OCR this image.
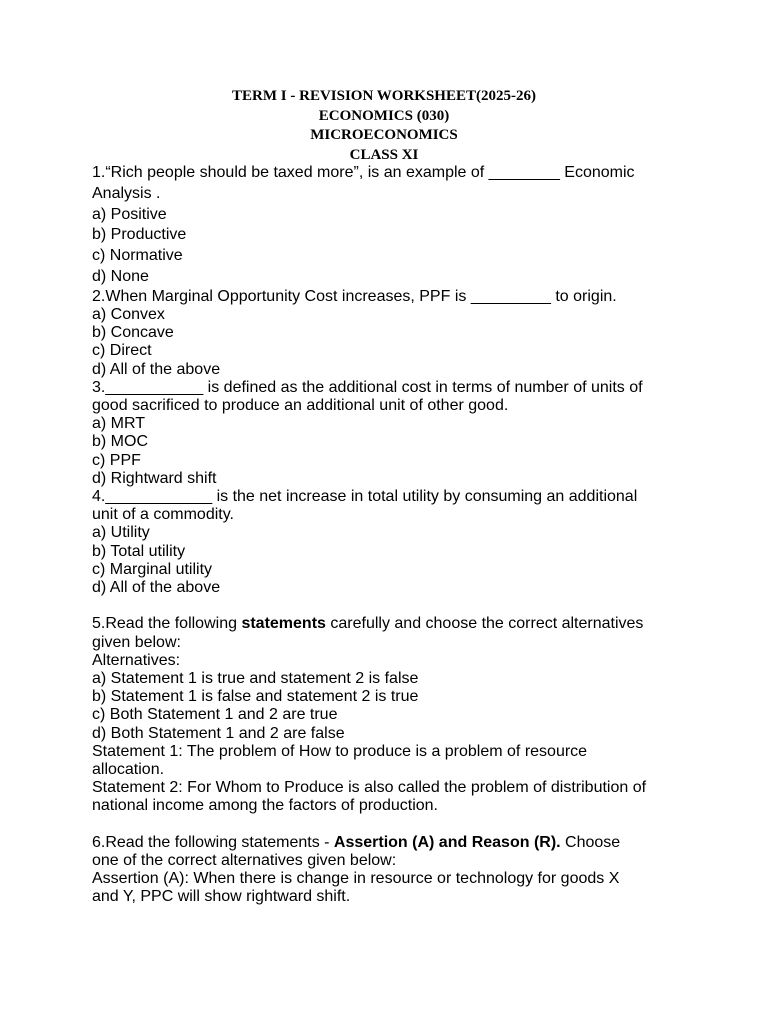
TERM I - REVISION WORKSHEET(2025-26)
ECONOMICS (030)
MICROECONOMICS
CLASS XI

1.“Rich people should be taxed more”, is an example of ________ Economic

Analysis .

a) Positive

b) Productive

c) Normative

d) None

2.When Marginal Opportunity Cost increases, PPF is _________ to origin.

a) Convex

b) Concave

c) Direct

d) All of the above

3.___________ is defined as the additional cost in terms of number of units of

good sacrificed to produce an additional unit of other good.

a) MRT

b) MOC

c) PPF

d) Rightward shift

4.____________ is the net increase in total utility by consuming an additional

unit of a commodity.

a) Utility

b) Total utility

c) Marginal utility

d) All of the above

5.Read the following statements carefully and choose the correct alternatives

given below:

Alternatives:

a) Statement 1 is true and statement 2 is false

b) Statement 1 is false and statement 2 is true

c) Both Statement 1 and 2 are true

d) Both Statement 1 and 2 are false

Statement 1: The problem of How to produce is a problem of resource

allocation.

Statement 2: For Whom to Produce is also called the problem of distribution of

national income among the factors of production.

6.Read the following statements - Assertion (A) and Reason (R). Choose

one of the correct alternatives given below:

Assertion (A): When there is change in resource or technology for goods X

and Y, PPC will show rightward shift.
